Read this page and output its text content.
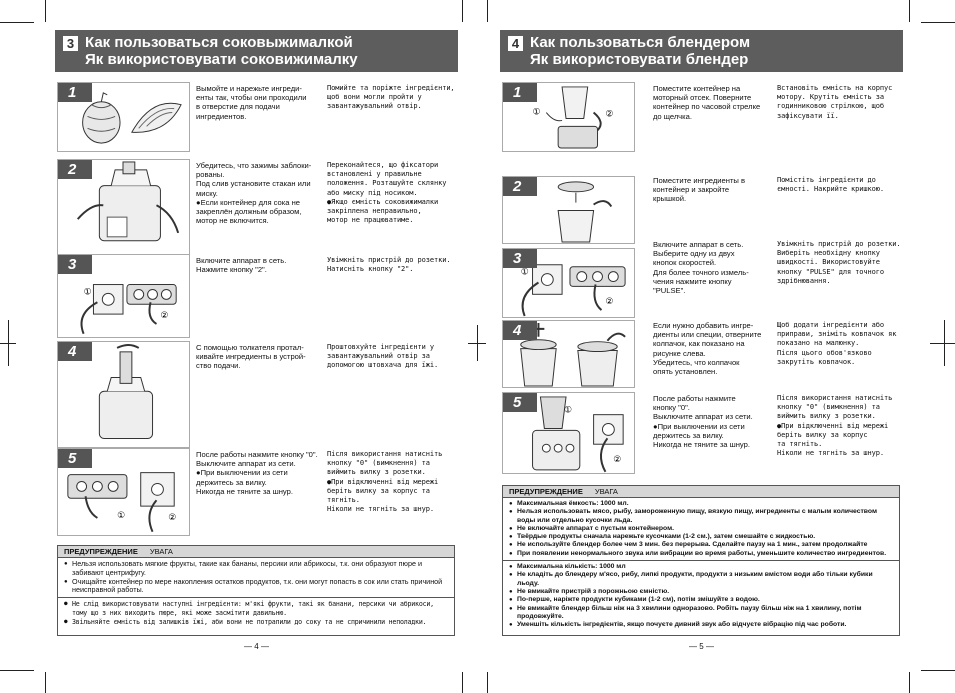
3 Как пользоваться соковыжималкой
Як використовувати соковижималку
1	Вымойте и нарежьте ингреди-
енты так, чтобы они проходили
в отверстие для подачи
ингредиентов.
Помийте та поріжте інгредієнти,
щоб вони могли пройти у
завантажувальний отвір.
2	Убедитесь, что зажимы заблоки-
рованы.
Под слив установите стакан или
миску.
●Если контейнер для сока не
закреплён должным образом,
мотор не включится.
Переконайтеся, що фіксатори
встановлені у правильне
положення. Розташуйте склянку
або миску під носиком.
●Якщо ємність соковижималки
закріплена неправильно,
мотор не працюватиме.
3
①
②
Включите аппарат в сеть.
Нажмите кнопку "2".
Увімкніть пристрій до розетки.
Натисніть кнопку "2".
4	С помощью толкателя протал-
кивайте ингредиенты в устрой-
ство подачи.
Проштовхуйте інгредієнти у
завантажувальний отвір за
допомогою штовхача для їжі.
5
①	②
После работы нажмите кнопку "0".
Выключите аппарат из сети.
●При выключении из сети
держитесь за вилку.
Никогда не тяните за шнур.
Після використання натисніть
кнопку "0" (вимкнення) та
виймить вилку з розетки.
●При відключенні від мережі
беріть вилку за корпус та тягніть.
Ніколи не тягніть за шнур.
ПРЕДУПРЕЖДЕНИЕ УВАГА
● Нельзя использовать мягкие фрукты, такие как бананы, персики или абрикосы, т.к. они образуют пюре и забивают центрифугу.
● Очищайте контейнер по мере накопления остатков продуктов, т.к. они могут попасть в сок или стать причиной неисправной работы.
● Не слід використовувати наступні інгредієнти: м'які фрукти, такі як банани, персики чи абрикоси, тому що з них виходить пюре, які може засмітити давильню.
● Звільняйте ємність від залишків їжі, аби вони не потрапили до соку та не спричинили неполадки.
— 4 —
4 Как пользоваться блендером
Як використовувати блендер
1
①	②
Поместите контейнер на
моторный отсек. Поверните
контейнер по часовой стрелке
до щелчка.
Встановіть ємність на корпус
мотору. Крутіть ємність за
годинниковою стрілкою, щоб
зафіксувати її.
2	Поместите ингредиенты в
контейнер и закройте
крышкой.
Помістіть інгредієнти до
ємності. Накрийте кришкою.
3
①
②
Включите аппарат в сеть.
Выберите одну из двух
кнопок скоростей.
Для более точного измель-
чения нажмите кнопку
"PULSE".
Увімкніть пристрій до розетки.
Виберіть необхідну кнопку
швидкості. Використовуйте
кнопку "PULSE" для точного
здрібнювання.
4	Если нужно добавить ингре-
диенты или специи, отверните
колпачок, как показано на
рисунке слева.
Убедитесь, что колпачок
опять установлен.
Щоб додати інгредієнти або
приправи, зніміть ковпачок як
показано на малюнку.
Після цього обов'язково
закрутіть ковпачок.
5	①
②
После работы нажмите
кнопку "0".
Выключите аппарат из сети.
●При выключении из сети
держитесь за вилку.
Никогда не тяните за шнур.
Після використання натисніть
кнопку "0" (вимкнення) та
виймить вилку з розетки.
●При відключенні від мережі
беріть вилку за корпус
та тягніть.
Ніколи не тягніть за шнур.
ПРЕДУПРЕЖДЕНИЕ УВАГА
● Максимальная ёмкость: 1000 мл.
● Нельзя использовать мясо, рыбу, замороженную пищу, вязкую пищу, ингредиенты с малым количеством воды или отдельно кусочки льда.
● Не включайте аппарат с пустым контейнером.
● Твёрдые продукты сначала нарежьте кусочками (1-2 см.), затем смешайте с жидкостью.
● Не используйте блендер более чем 3 мин. без перерыва. Сделайте паузу на 1 мин., затем продолжайте
● При появлении ненормального звука или вибрации во время работы, уменьшите количество ингредиентов.
● Максимальна кількість: 1000 мл
● Не кладіть до блендеру м'ясо, рибу, липкі продукти, продукти з низьким вмістом води або тільки кубики льоду.
● Не вмикайте пристрій з порожньою ємністю.
● По-перше, наріжте продукти кубиками (1-2 см), потім змішуйте з водою.
● Не вмикайте блендер більш ніж на 3 хвилини одноразово. Робіть паузу більш ніж на 1 хвилину, потім продовжуйте.
● Уменшіть кількість інгредієнтів, якщо почуєте дивний звук або відчуєте вібрацію під час роботи.
— 5 —
